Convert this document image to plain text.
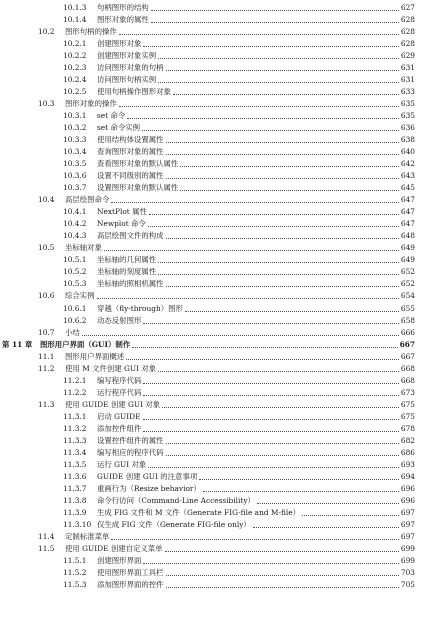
10.1.3	句柄图形的结构	627
10.1.4	图形对象的属性	628
10.2	图形句柄的操作	628
10.2.1	创建图形对象	628
10.2.2	创建图形对象实例	629
10.2.3	访问图形对象的句柄	631
10.2.4	访问图形句柄实例	631
10.2.5	使用句柄操作图形对象	633
10.3	图形对象的操作	635
10.3.1	set 命令	635
10.3.2	set 命令实例	636
10.3.3	使用结构体设置属性	638
10.3.4	查询图形对象的属性	640
10.3.5	查看图形对象的默认属性	642
10.3.6	设置不同级别的属性	643
10.3.7	设置图形对象的默认属性	645
10.4	高层绘图命令	647
10.4.1	NextPlot 属性	647
10.4.2	Newplot 命令	647
10.4.3	高层绘图文件的构成	648
10.5	坐标轴对象	649
10.5.1	坐标轴的几何属性	649
10.5.2	坐标轴的刻度属性	652
10.5.3	坐标轴的照相机属性	652
10.6	综合实例	654
10.6.1	穿越（fly-through）图形	655
10.6.2	动态反射图形	658
10.7	小结	666
第 11 章	图形用户界面（GUI）制作	667
11.1	图形用户界面概述	667
11.2	使用 M 文件创建 GUI 对象	668
11.2.1	编写程序代码	668
11.2.2	运行程序代码	673
11.3	使用 GUIDE 创建 GUI 对象	675
11.3.1	启动 GUIDE	675
11.3.2	添加控件组件	678
11.3.3	设置控件组件的属性	682
11.3.4	编写相应的程序代码	686
11.3.5	运行 GUI 对象	693
11.3.6	GUIDE 创建 GUI 的注意事项	694
11.3.7	重画行为（Resize behavior）	696
11.3.8	命令行访问（Command-Line Accessibility）	696
11.3.9	生成 FIG 文件和 M 文件（Generate FIG-file and M-file）	697
11.3.10 仅生成 FIG 文件（Generate FIG-file only）	697
11.4	定制标准菜单	697
11.5	使用 GUIDE 创建自定义菜单	699
11.5.1	创建图形界面	699
11.5.2	使用图形界面工具栏	703
11.5.3	添加图形界面的控件	705
